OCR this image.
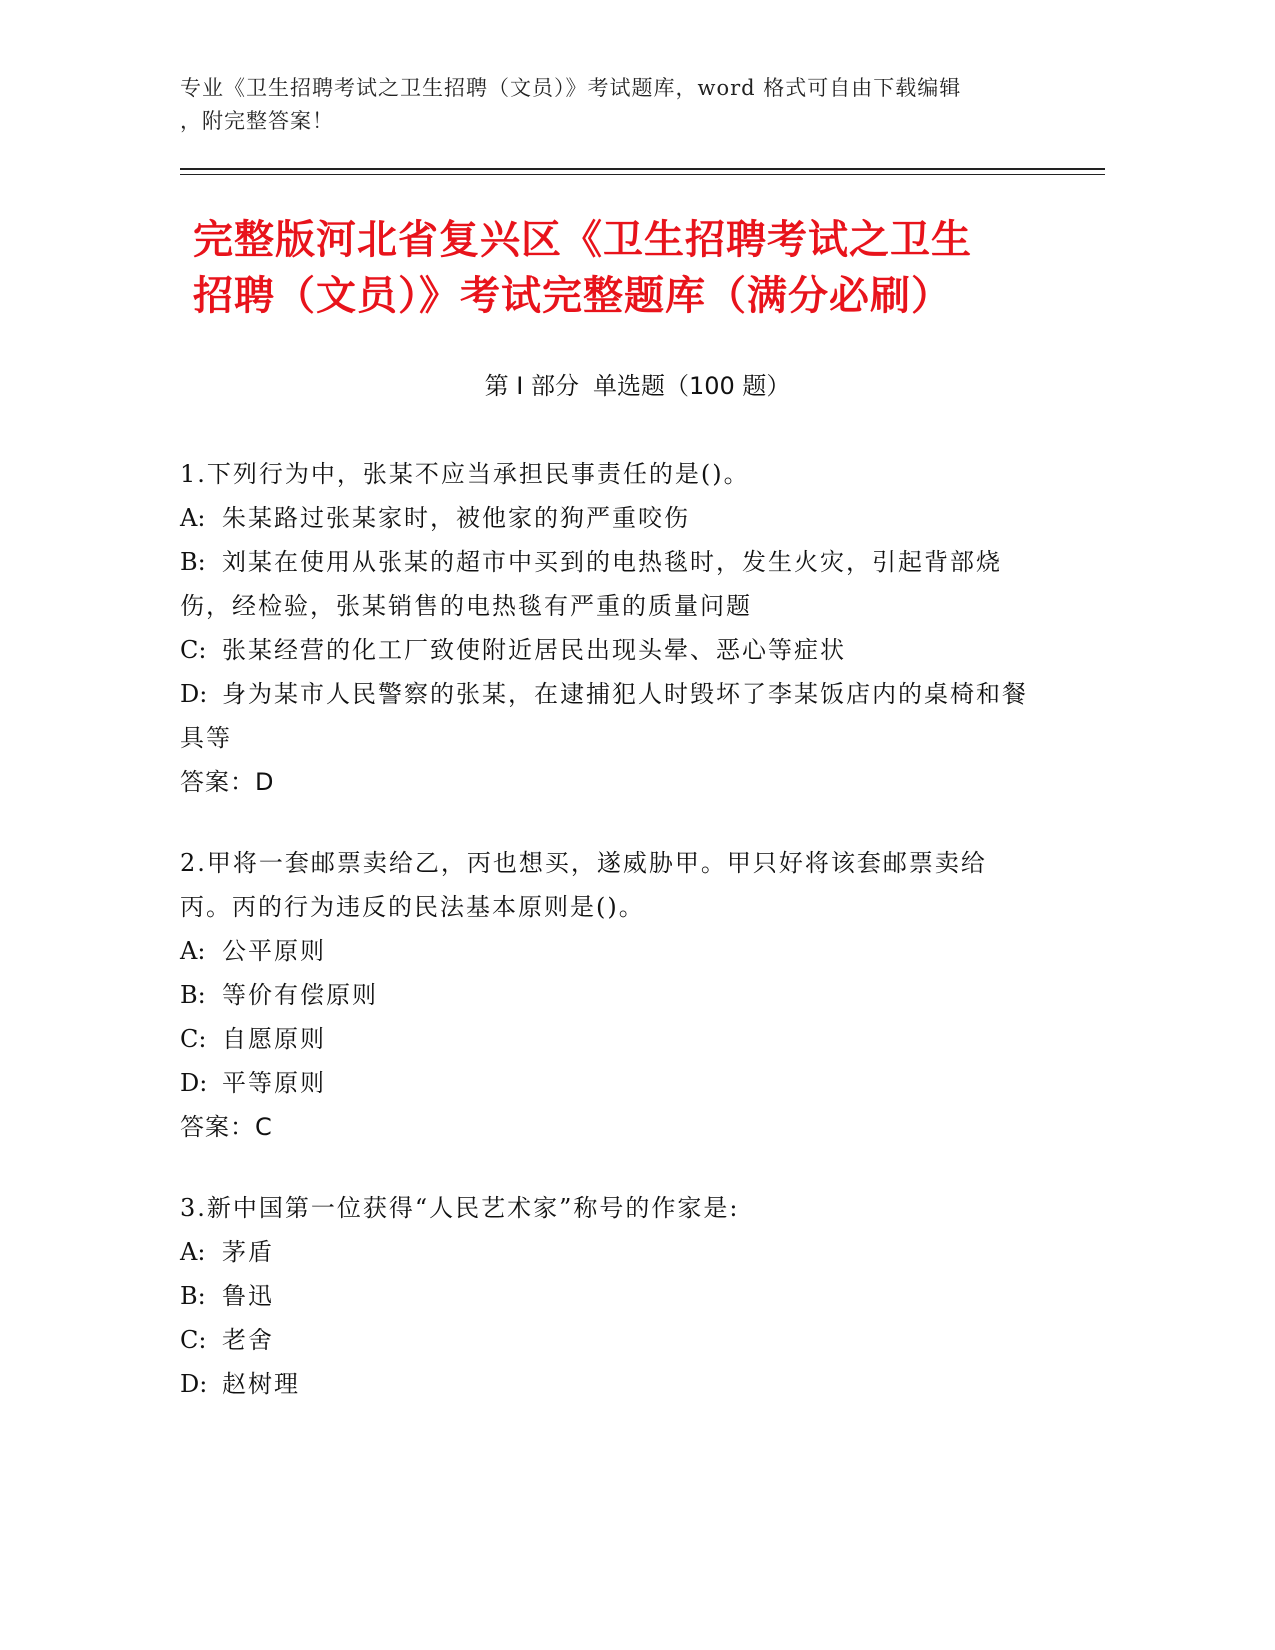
专业《卫生招聘考试之卫生招聘（文员）》考试题库，word 格式可自由下载编辑
，附完整答案！
完整版河北省复兴区《卫生招聘考试之卫生
招聘（文员）》考试完整题库（满分必刷）
第 I 部分 单选题（100 题）
1.下列行为中，张某不应当承担民事责任的是()。
A: 朱某路过张某家时，被他家的狗严重咬伤
B: 刘某在使用从张某的超市中买到的电热毯时，发生火灾，引起背部烧伤，经检验，张某销售的电热毯有严重的质量问题
C: 张某经营的化工厂致使附近居民出现头晕、恶心等症状
D: 身为某市人民警察的张某，在逮捕犯人时毁坏了李某饭店内的桌椅和餐具等
答案：D
2.甲将一套邮票卖给乙，丙也想买，遂威胁甲。甲只好将该套邮票卖给丙。丙的行为违反的民法基本原则是()。
A: 公平原则
B: 等价有偿原则
C: 自愿原则
D: 平等原则
答案：C
3.新中国第一位获得“人民艺术家”称号的作家是:
A: 茅盾
B: 鲁迅
C: 老舍
D: 赵树理
